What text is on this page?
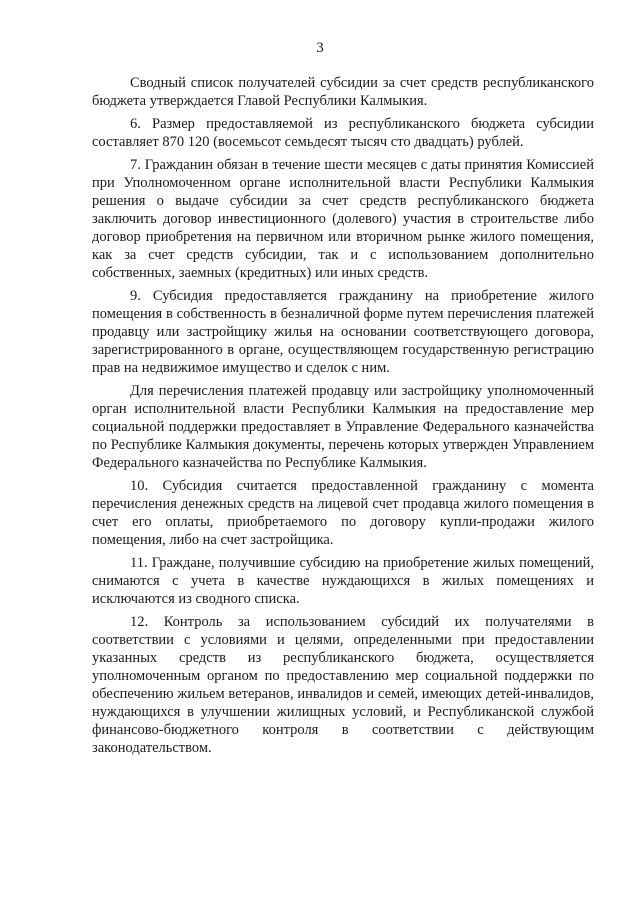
3

Сводный список получателей субсидии за счет средств республиканского бюджета утверждается Главой Республики Калмыкия.

6. Размер предоставляемой из республиканского бюджета субсидии составляет 870 120 (восемьсот семьдесят тысяч сто двадцать) рублей.

7. Гражданин обязан в течение шести месяцев с даты принятия Комиссией при Уполномоченном органе исполнительной власти Республики Калмыкия решения о выдаче субсидии за счет средств республиканского бюджета заключить договор инвестиционного (долевого) участия в строительстве либо договор приобретения на первичном или вторичном рынке жилого помещения, как за счет средств субсидии, так и с использованием дополнительно собственных, заемных (кредитных) или иных средств.

9. Субсидия предоставляется гражданину на приобретение жилого помещения в собственность в безналичной форме путем перечисления платежей продавцу или застройщику жилья на основании соответствующего договора, зарегистрированного в органе, осуществляющем государственную регистрацию прав на недвижимое имущество и сделок с ним.

Для перечисления платежей продавцу или застройщику уполномоченный орган исполнительной власти Республики Калмыкия на предоставление мер социальной поддержки предоставляет в Управление Федерального казначейства по Республике Калмыкия документы, перечень которых утвержден Управлением Федерального казначейства по Республике Калмыкия.

10. Субсидия считается предоставленной гражданину с момента перечисления денежных средств на лицевой счет продавца жилого помещения в счет его оплаты, приобретаемого по договору купли-продажи жилого помещения, либо на счет застройщика.

11. Граждане, получившие субсидию на приобретение жилых помещений, снимаются с учета в качестве нуждающихся в жилых помещениях и исключаются из сводного списка.

12. Контроль за использованием субсидий их получателями в соответствии с условиями и целями, определенными при предоставлении указанных средств из республиканского бюджета, осуществляется уполномоченным органом по предоставлению мер социальной поддержки по обеспечению жильем ветеранов, инвалидов и семей, имеющих детей-инвалидов, нуждающихся в улучшении жилищных условий, и Республиканской службой финансово-бюджетного контроля в соответствии с действующим законодательством.
